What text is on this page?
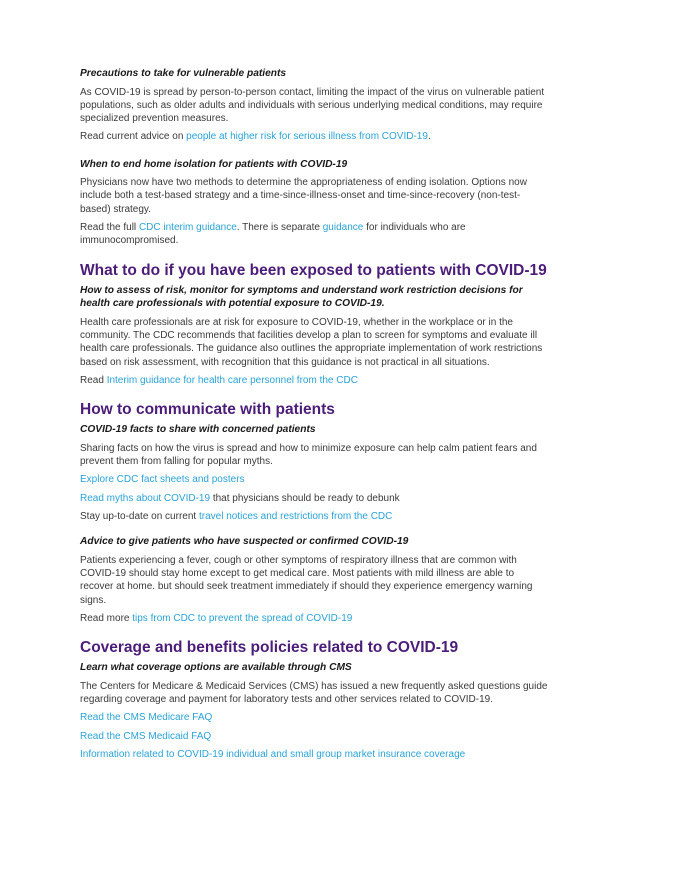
Precautions to take for vulnerable patients

As COVID-19 is spread by person-to-person contact, limiting the impact of the virus on vulnerable patient populations, such as older adults and individuals with serious underlying medical conditions, may require specialized prevention measures.

Read current advice on people at higher risk for serious illness from COVID-19.

When to end home isolation for patients with COVID-19

Physicians now have two methods to determine the appropriateness of ending isolation. Options now include both a test-based strategy and a time-since-illness-onset and time-since-recovery (non-test-based) strategy.

Read the full CDC interim guidance. There is separate guidance for individuals who are immunocompromised.

What to do if you have been exposed to patients with COVID-19

How to assess of risk, monitor for symptoms and understand work restriction decisions for health care professionals with potential exposure to COVID-19.

Health care professionals are at risk for exposure to COVID-19, whether in the workplace or in the community. The CDC recommends that facilities develop a plan to screen for symptoms and evaluate ill health care professionals. The guidance also outlines the appropriate implementation of work restrictions based on risk assessment, with recognition that this guidance is not practical in all situations.

Read Interim guidance for health care personnel from the CDC

How to communicate with patients

COVID-19 facts to share with concerned patients

Sharing facts on how the virus is spread and how to minimize exposure can help calm patient fears and prevent them from falling for popular myths.

Explore CDC fact sheets and posters

Read myths about COVID-19 that physicians should be ready to debunk

Stay up-to-date on current travel notices and restrictions from the CDC

Advice to give patients who have suspected or confirmed COVID-19

Patients experiencing a fever, cough or other symptoms of respiratory illness that are common with COVID-19 should stay home except to get medical care. Most patients with mild illness are able to recover at home. but should seek treatment immediately if should they experience emergency warning signs.

Read more tips from CDC to prevent the spread of COVID-19

Coverage and benefits policies related to COVID-19

Learn what coverage options are available through CMS

The Centers for Medicare & Medicaid Services (CMS) has issued a new frequently asked questions guide regarding coverage and payment for laboratory tests and other services related to COVID-19.

Read the CMS Medicare FAQ

Read the CMS Medicaid FAQ

Information related to COVID-19 individual and small group market insurance coverage
